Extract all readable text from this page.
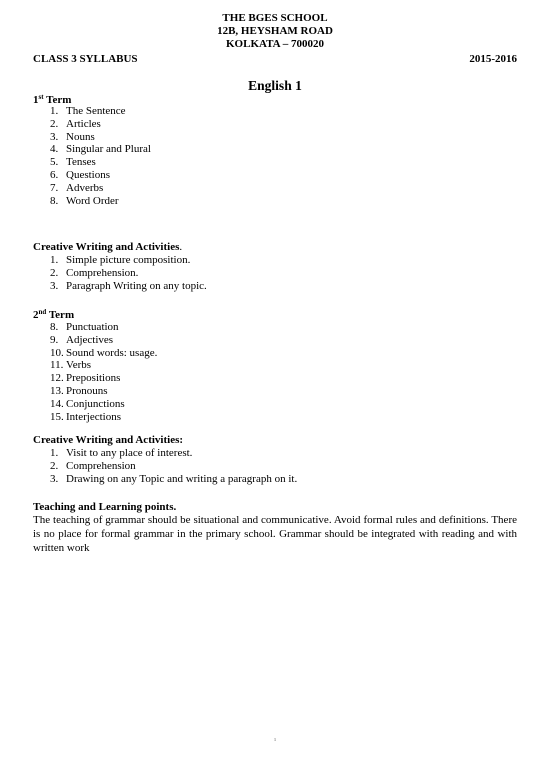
THE BGES SCHOOL
12B, HEYSHAM ROAD
KOLKATA – 700020
CLASS 3 SYLLABUS	2015-2016
English 1
1st Term
1. The Sentence
2. Articles
3. Nouns
4. Singular and Plural
5. Tenses
6. Questions
7. Adverbs
8. Word Order
Creative Writing and Activities.
1. Simple picture composition.
2. Comprehension.
3. Paragraph Writing on any topic.
2nd Term
8. Punctuation
9. Adjectives
10. Sound words: usage.
11. Verbs
12. Prepositions
13. Pronouns
14. Conjunctions
15. Interjections
Creative Writing and Activities:
1. Visit to any place of interest.
2. Comprehension
3. Drawing on any Topic and writing a paragraph on it.
Teaching and Learning points.
The teaching of grammar should be situational and communicative. Avoid formal rules and definitions. There is no place for formal grammar in the primary school. Grammar should be integrated with reading and with written work
1
